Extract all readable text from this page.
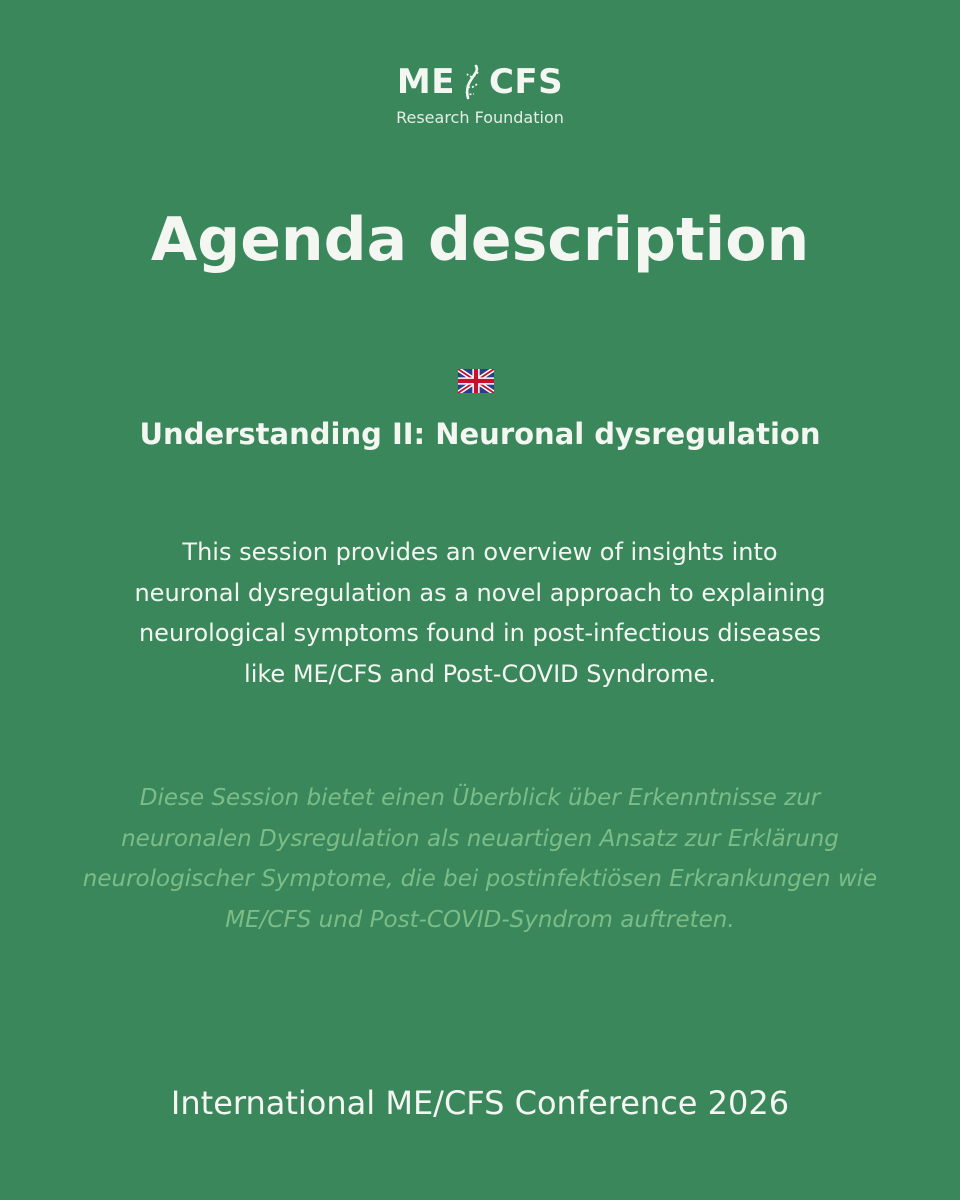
ME CFS
Research Foundation
Agenda description
Understanding II: Neuronal dysregulation

This session provides an overview of insights into neuronal dysregulation as a novel approach to explaining neurological symptoms found in post-infectious diseases like ME/CFS and Post-COVID Syndrome.

Diese Session bietet einen Überblick über Erkenntnisse zur neuronalen Dysregulation als neuartigen Ansatz zur Erklärung neurologischer Symptome, die bei postinfektiösen Erkrankungen wie ME/CFS und Post-COVID-Syndrom auftreten.

International ME/CFS Conference 2026
